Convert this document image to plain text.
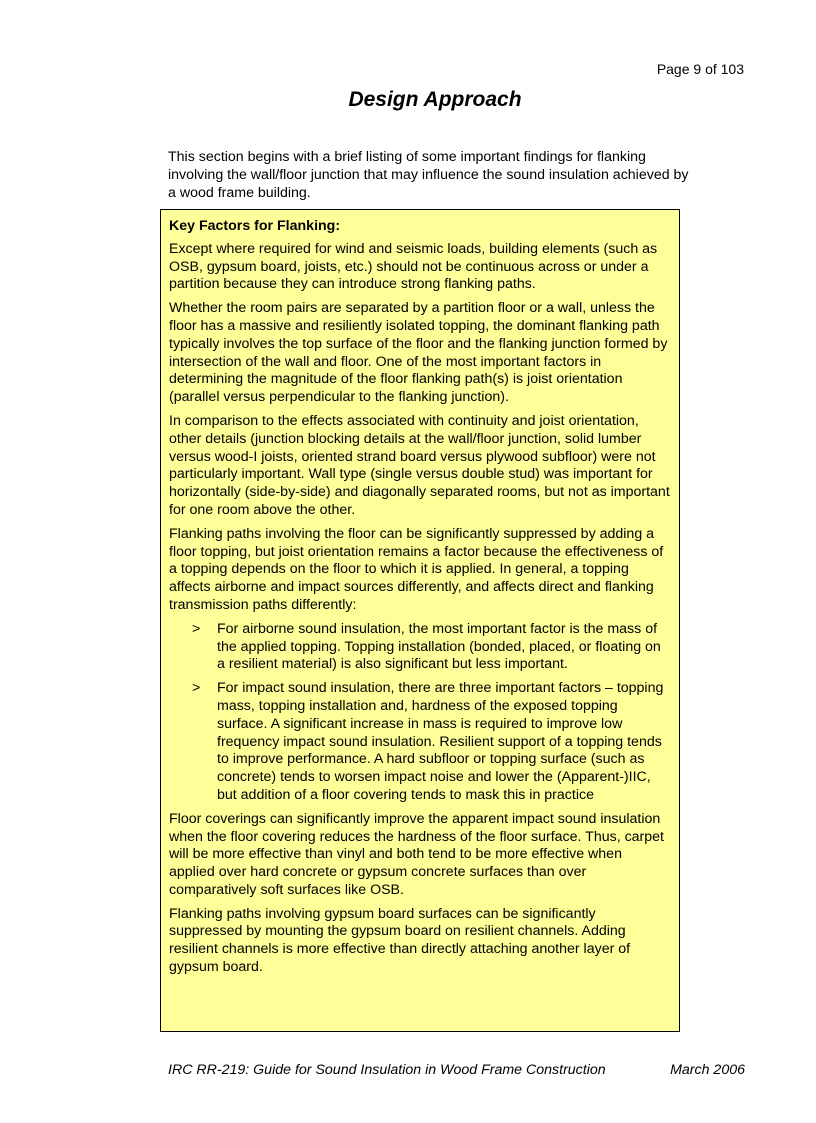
Page 9 of 103
Design Approach

This section begins with a brief listing of some important findings for flanking involving the wall/floor junction that may influence the sound insulation achieved by a wood frame building.

Key Factors for Flanking:

Except where required for wind and seismic loads, building elements (such as OSB, gypsum board, joists, etc.) should not be continuous across or under a partition because they can introduce strong flanking paths.

Whether the room pairs are separated by a partition floor or a wall, unless the floor has a massive and resiliently isolated topping, the dominant flanking path typically involves the top surface of the floor and the flanking junction formed by intersection of the wall and floor. One of the most important factors in determining the magnitude of the floor flanking path(s) is joist orientation (parallel versus perpendicular to the flanking junction).

In comparison to the effects associated with continuity and joist orientation, other details (junction blocking details at the wall/floor junction, solid lumber versus wood-I joists, oriented strand board versus plywood subfloor) were not particularly important. Wall type (single versus double stud) was important for horizontally (side-by-side) and diagonally separated rooms, but not as important for one room above the other.

Flanking paths involving the floor can be significantly suppressed by adding a floor topping, but joist orientation remains a factor because the effectiveness of a topping depends on the floor to which it is applied. In general, a topping affects airborne and impact sources differently, and affects direct and flanking transmission paths differently:

>	For airborne sound insulation, the most important factor is the mass of the applied topping. Topping installation (bonded, placed, or floating on a resilient material) is also significant but less important.
>	For impact sound insulation, there are three important factors – topping mass, topping installation and, hardness of the exposed topping surface. A significant increase in mass is required to improve low frequency impact sound insulation. Resilient support of a topping tends to improve performance. A hard subfloor or topping surface (such as concrete) tends to worsen impact noise and lower the (Apparent-)IIC, but addition of a floor covering tends to mask this in practice

Floor coverings can significantly improve the apparent impact sound insulation when the floor covering reduces the hardness of the floor surface. Thus, carpet will be more effective than vinyl and both tend to be more effective when applied over hard concrete or gypsum concrete surfaces than over comparatively soft surfaces like OSB.

Flanking paths involving gypsum board surfaces can be significantly suppressed by mounting the gypsum board on resilient channels. Adding resilient channels is more effective than directly attaching another layer of gypsum board.

IRC RR-219: Guide for Sound Insulation in Wood Frame Construction	March 2006
